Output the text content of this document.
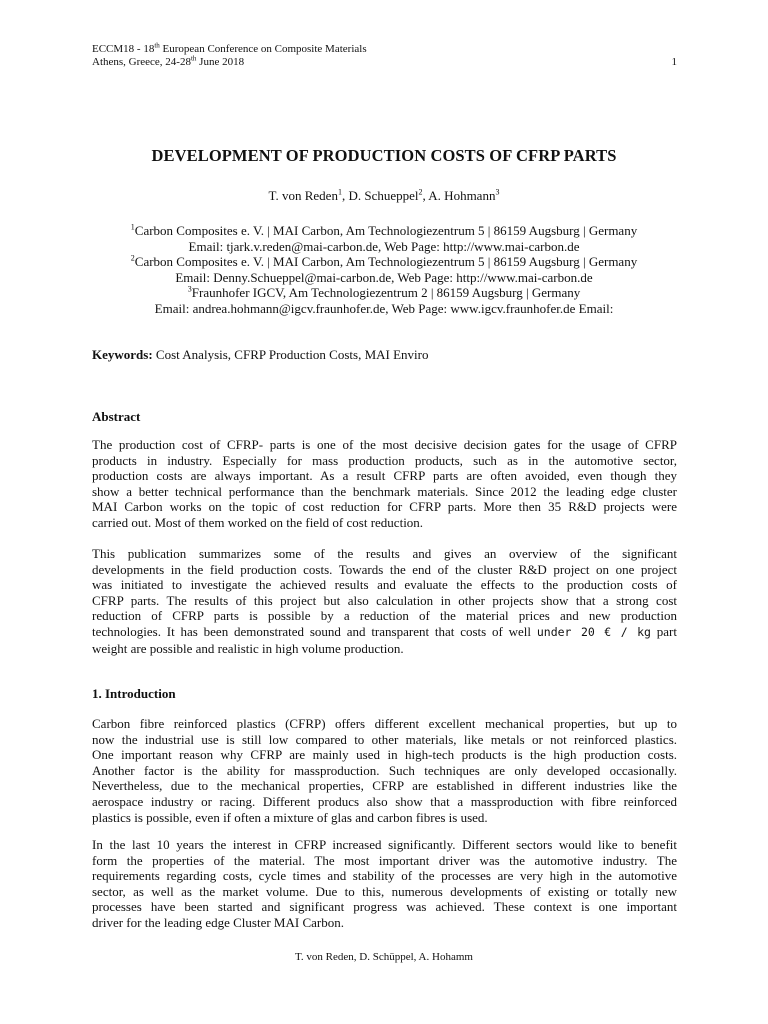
ECCM18 - 18th European Conference on Composite Materials
Athens, Greece, 24-28th June 2018	1
DEVELOPMENT OF PRODUCTION COSTS OF CFRP PARTS
T. von Reden$^1$, D. Schueppel$^2$, A. Hohmann$^3$
$^1$Carbon Composites e. V. | MAI Carbon, Am Technologiezentrum 5 | 86159 Augsburg | Germany
Email: tjark.v.reden@mai-carbon.de, Web Page: http://www.mai-carbon.de
$^2$Carbon Composites e. V. | MAI Carbon, Am Technologiezentrum 5 | 86159 Augsburg | Germany
Email: Denny.Schueppel@mai-carbon.de, Web Page: http://www.mai-carbon.de
$^3$Fraunhofer IGCV, Am Technologiezentrum 2 | 86159 Augsburg | Germany
Email: andrea.hohmann@igcv.fraunhofer.de, Web Page: www.igcv.fraunhofer.de Email:
Keywords: Cost Analysis, CFRP Production Costs, MAI Enviro
Abstract
The production cost of CFRP- parts is one of the most decisive decision gates for the usage of CFRP
products in industry. Especially for mass production products, such as in the automotive sector,
production costs are always important. As a result CFRP parts are often avoided, even though they
show a better technical performance than the benchmark materials. Since 2012 the leading edge cluster
MAI Carbon works on the topic of cost reduction for CFRP parts. More then 35 R&D projects were
carried out. Most of them worked on the field of cost reduction.
This publication summarizes some of the results and gives an overview of the significant
developments in the field production costs. Towards the end of the cluster R&D project on one project
was initiated to investigate the achieved results and evaluate the effects to the production costs of
CFRP parts. The results of this project but also calculation in other projects show that a strong cost
reduction of CFRP parts is possible by a reduction of the material prices and new production
technologies. It has been demonstrated sound and transparent that costs of well under 20 € / kg part
weight are possible and realistic in high volume production.
1. Introduction
Carbon fibre reinforced plastics (CFRP) offers different excellent mechanical properties, but up to
now the industrial use is still low compared to other materials, like metals or not reinforced plastics.
One important reason why CFRP are mainly used in high-tech products is the high production costs.
Another factor is the ability for massproduction. Such techniques are only developed occasionally.
Nevertheless, due to the mechanical properties, CFRP are established in different industries like the
aerospace industry or racing. Different producs also show that a massproduction with fibre reinforced
plastics is possible, even if often a mixture of glas and carbon fibres is used.
In the last 10 years the interest in CFRP increased significantly. Different sectors would like to benefit
form the properties of the material. The most important driver was the automotive industry. The
requirements regarding costs, cycle times and stability of the processes are very high in the automotive
sector, as well as the market volume. Due to this, numerous developments of existing or totally new
processes have been started and significant progress was achieved. These context is one important
driver for the leading edge Cluster MAI Carbon.
T. von Reden, D. Schüppel, A. Hohamm
